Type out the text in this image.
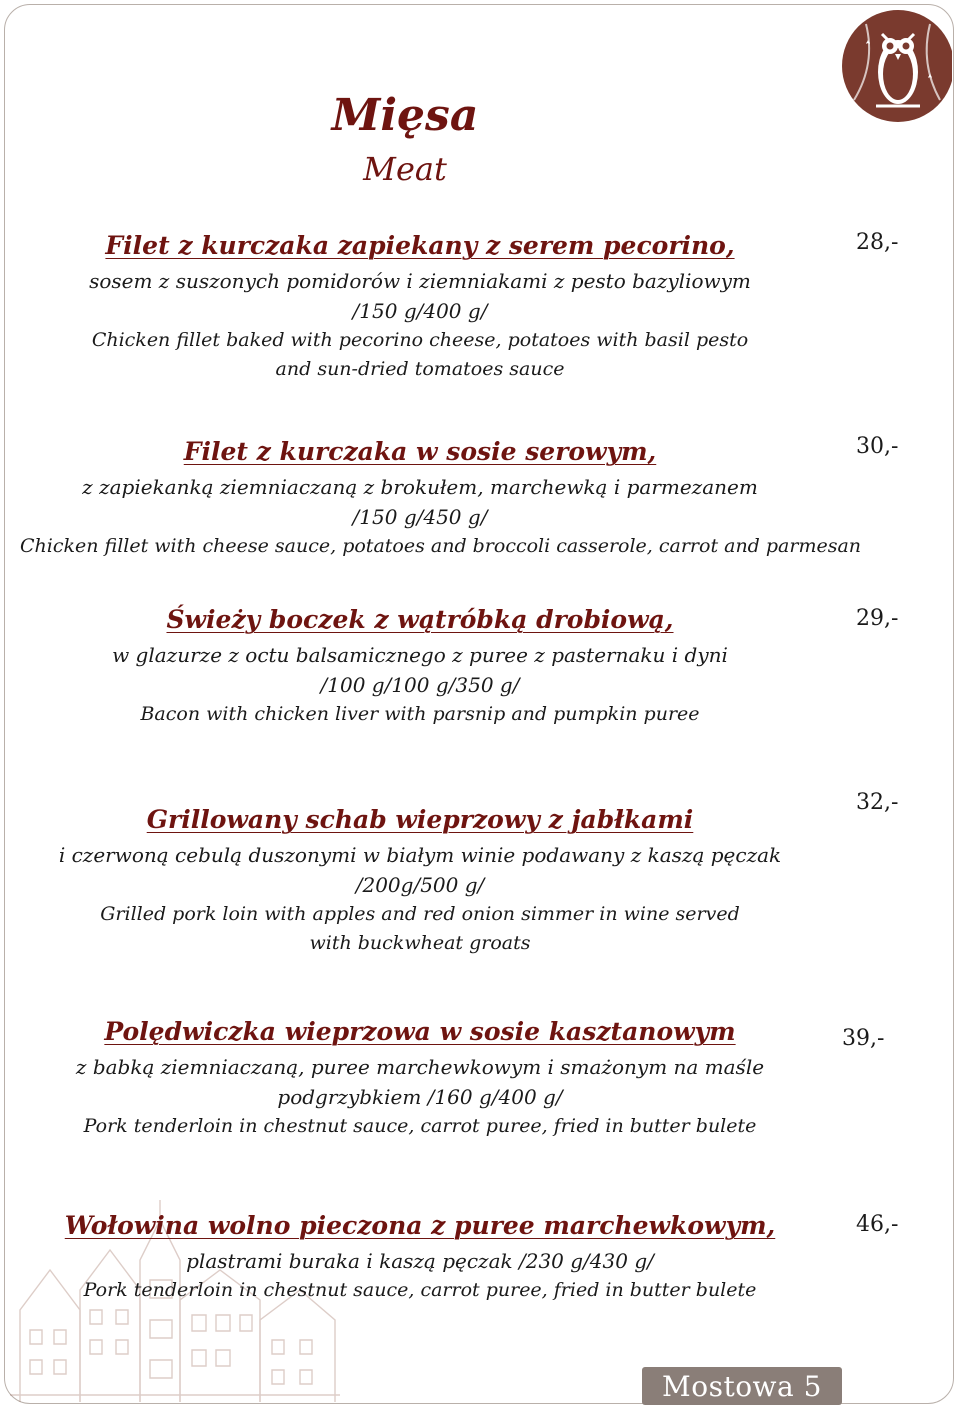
Mięsa
Meat
Filet z kurczaka zapiekany z serem pecorino,
sosem z suszonych pomidorów i ziemniakami z pesto bazyliowym
/150 g/400 g/
Chicken fillet baked with pecorino cheese, potatoes with basil pesto
and sun-dried tomatoes sauce
28,-
Filet z kurczaka w sosie serowym,
z zapiekanką ziemniaczaną z brokułem, marchewką i parmezanem
/150 g/450 g/
Chicken fillet with cheese sauce, potatoes and broccoli casserole, carrot and parmesan
30,-
Świeży boczek z wątróbką drobiową,
w glazurze z octu balsamicznego z puree z pasternaku i dyni
/100 g/100 g/350 g/
Bacon with chicken liver with parsnip and pumpkin puree
29,-
Grillowany schab wieprzowy z jabłkami
i czerwoną cebulą duszonymi w białym winie podawany z kaszą pęczak
/200g/500 g/
Grilled pork loin with apples and red onion simmer in wine served
with buckwheat groats
32,-
Polędwiczka wieprzowa w sosie kasztanowym
z babką ziemniaczaną, puree marchewkowym i smażonym na maśle
podgrzybkiem /160 g/400 g/
Pork tenderloin in chestnut sauce, carrot puree, fried in butter bulete
39,-
Wołowina wolno pieczona z puree marchewkowym,
plastrami buraka i kaszą pęczak /230 g/430 g/
Pork tenderloin in chestnut sauce, carrot puree, fried in butter bulete
46,-
Mostowa 5
